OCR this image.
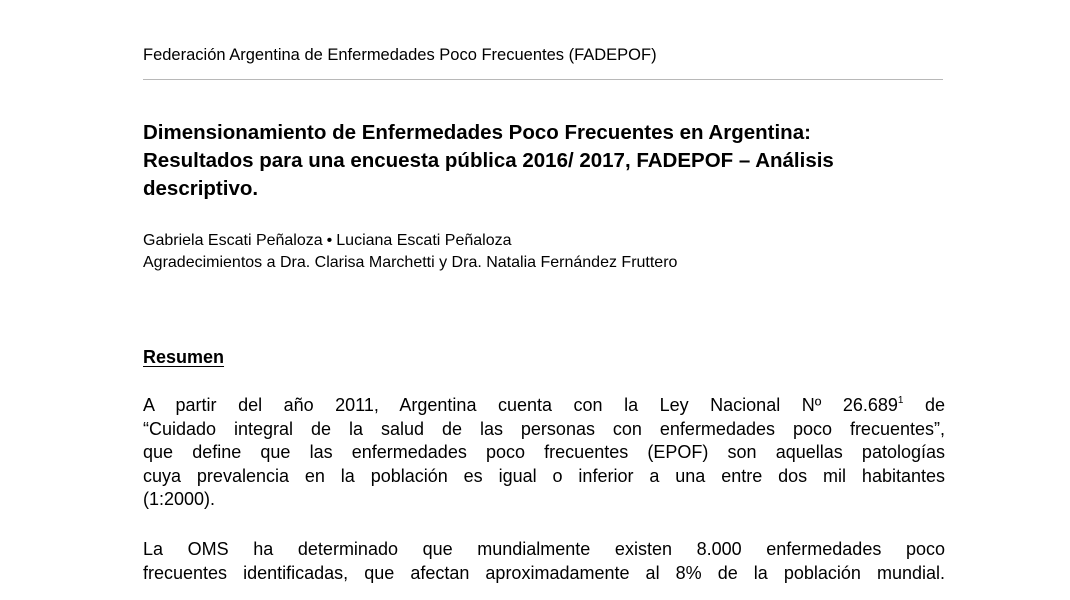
Federación Argentina de Enfermedades Poco Frecuentes (FADEPOF)
Dimensionamiento de Enfermedades Poco Frecuentes en Argentina:
Resultados para una encuesta pública 2016/ 2017, FADEPOF – Análisis
descriptivo.
Gabriela Escati Peñaloza • Luciana Escati Peñaloza
Agradecimientos a Dra. Clarisa Marchetti y Dra. Natalia Fernández Fruttero
Resumen

A partir del año 2011, Argentina cuenta con la Ley Nacional Nº 26.689$^1$ de
“Cuidado integral de la salud de las personas con enfermedades poco frecuentes”,
que define que las enfermedades poco frecuentes (EPOF) son aquellas patologías
cuya prevalencia en la población es igual o inferior a una entre dos mil habitantes
(1:2000).

La OMS ha determinado que mundialmente existen 8.000 enfermedades poco
frecuentes identificadas, que afectan aproximadamente al 8% de la población mundial.
